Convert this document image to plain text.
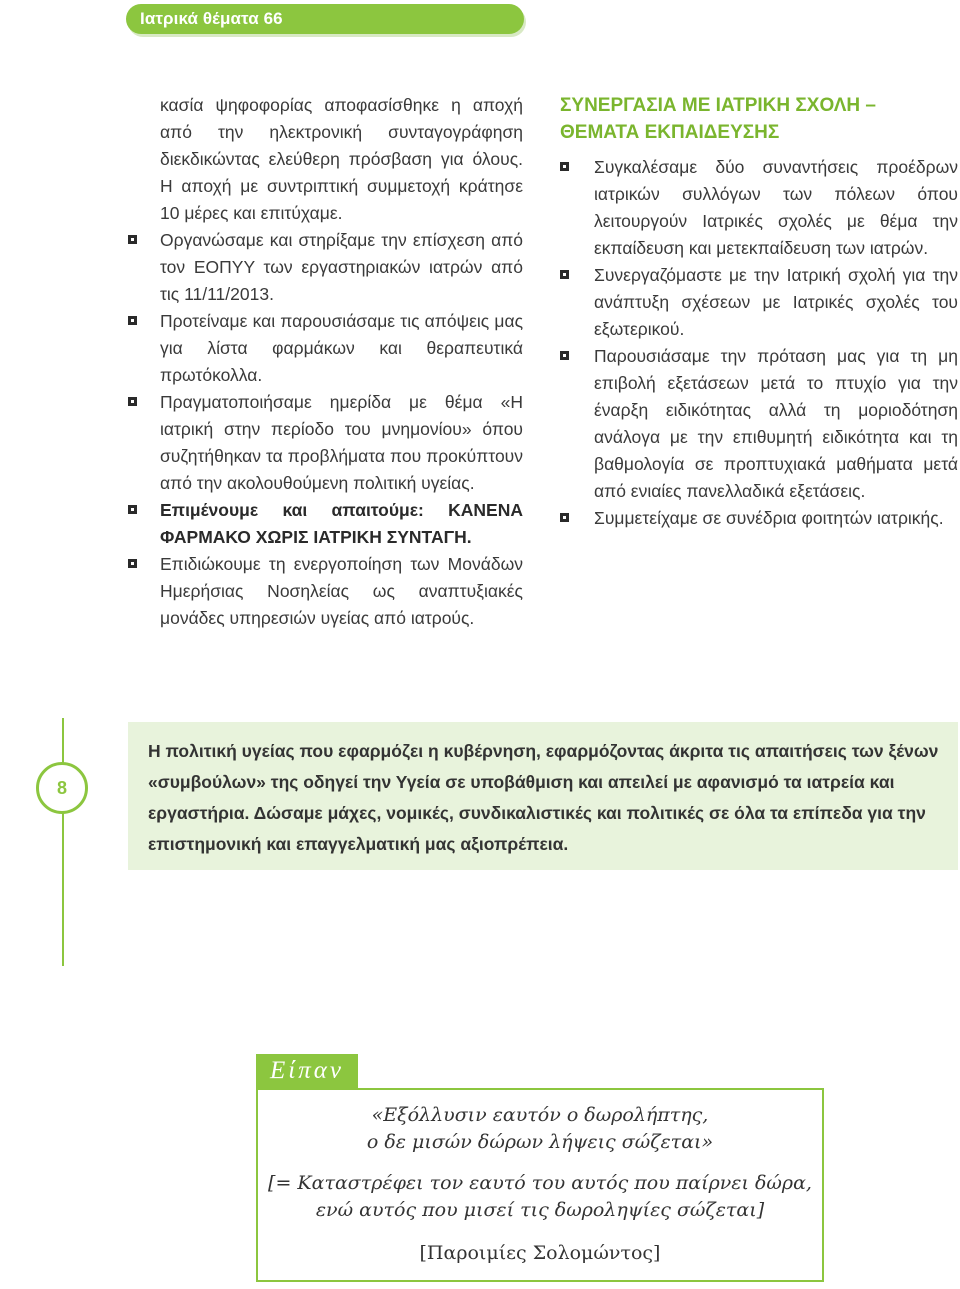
Ιατρικά θέματα 66

κασία ψηφοφορίας αποφασίσθηκε η αποχή από την ηλεκτρονική συνταγογράφηση διεκδικώντας ελεύθερη πρόσβαση για όλους. Η αποχή με συντριπτική συμμετοχή κράτησε 10 μέρες και επιτύχαμε.

Οργανώσαμε και στηρίξαμε την επίσχεση από τον ΕΟΠΥΥ των εργαστηριακών ιατρών από τις 11/11/2013.

Προτείναμε και παρουσιάσαμε τις απόψεις μας για λίστα φαρμάκων και θεραπευτικά πρωτόκολλα.

Πραγματοποιήσαμε ημερίδα με θέμα «Η ιατρική στην περίοδο του μνημονίου» όπου συζητήθηκαν τα προβλήματα που προκύπτουν από την ακολουθούμενη πολιτική υγείας.

Επιμένουμε και απαιτούμε: ΚΑΝΕΝΑ ΦΑΡΜΑΚΟ ΧΩΡΙΣ ΙΑΤΡΙΚΗ ΣΥΝΤΑΓΗ.

Επιδιώκουμε τη ενεργοποίηση των Μονάδων Ημερήσιας Νοσηλείας ως αναπτυξιακές μονάδες υπηρεσιών υγείας από ιατρούς.

ΣΥΝΕΡΓΑΣΙΑ ΜΕ ΙΑΤΡΙΚΗ ΣΧΟΛΗ –
ΘΕΜΑΤΑ ΕΚΠΑΙΔΕΥΣΗΣ

Συγκαλέσαμε δύο συναντήσεις προέδρων ιατρικών συλλόγων των πόλεων όπου λειτουργούν Ιατρικές σχολές με θέμα την εκπαίδευση και μετεκπαίδευση των ιατρών.

Συνεργαζόμαστε με την Ιατρική σχολή για την ανάπτυξη σχέσεων με Ιατρικές σχολές του εξωτερικού.

Παρουσιάσαμε την πρόταση μας για τη μη επιβολή εξετάσεων μετά το πτυχίο για την έναρξη ειδικότητας αλλά τη μοριοδότηση ανάλογα με την επιθυμητή ειδικότητα και τη βαθμολογία σε προπτυχιακά μαθήματα μετά από ενιαίες πανελλαδικά εξετάσεις.

Συμμετείχαμε σε συνέδρια φοιτητών ιατρικής.

8
Η πολιτική υγείας που εφαρμόζει η κυβέρνηση, εφαρμόζοντας άκριτα τις απαιτήσεις των ξένων «συμβούλων» της οδηγεί την Υγεία σε υποβάθμιση και απειλεί με αφανισμό τα ιατρεία και εργαστήρια. Δώσαμε μάχες, νομικές, συνδικαλιστικές και πολιτικές σε όλα τα επίπεδα για την επιστημονική και επαγγελματική μας αξιοπρέπεια.
Είπαν
«Εξόλλυσιν εαυτόν ο δωρολήπτης,
ο δε μισών δώρων λήψεις σώζεται»
[= Καταστρέφει τον εαυτό του αυτός που παίρνει δώρα,
ενώ αυτός που μισεί τις δωροληψίες σώζεται]
[Παροιμίες Σολομώντος]
